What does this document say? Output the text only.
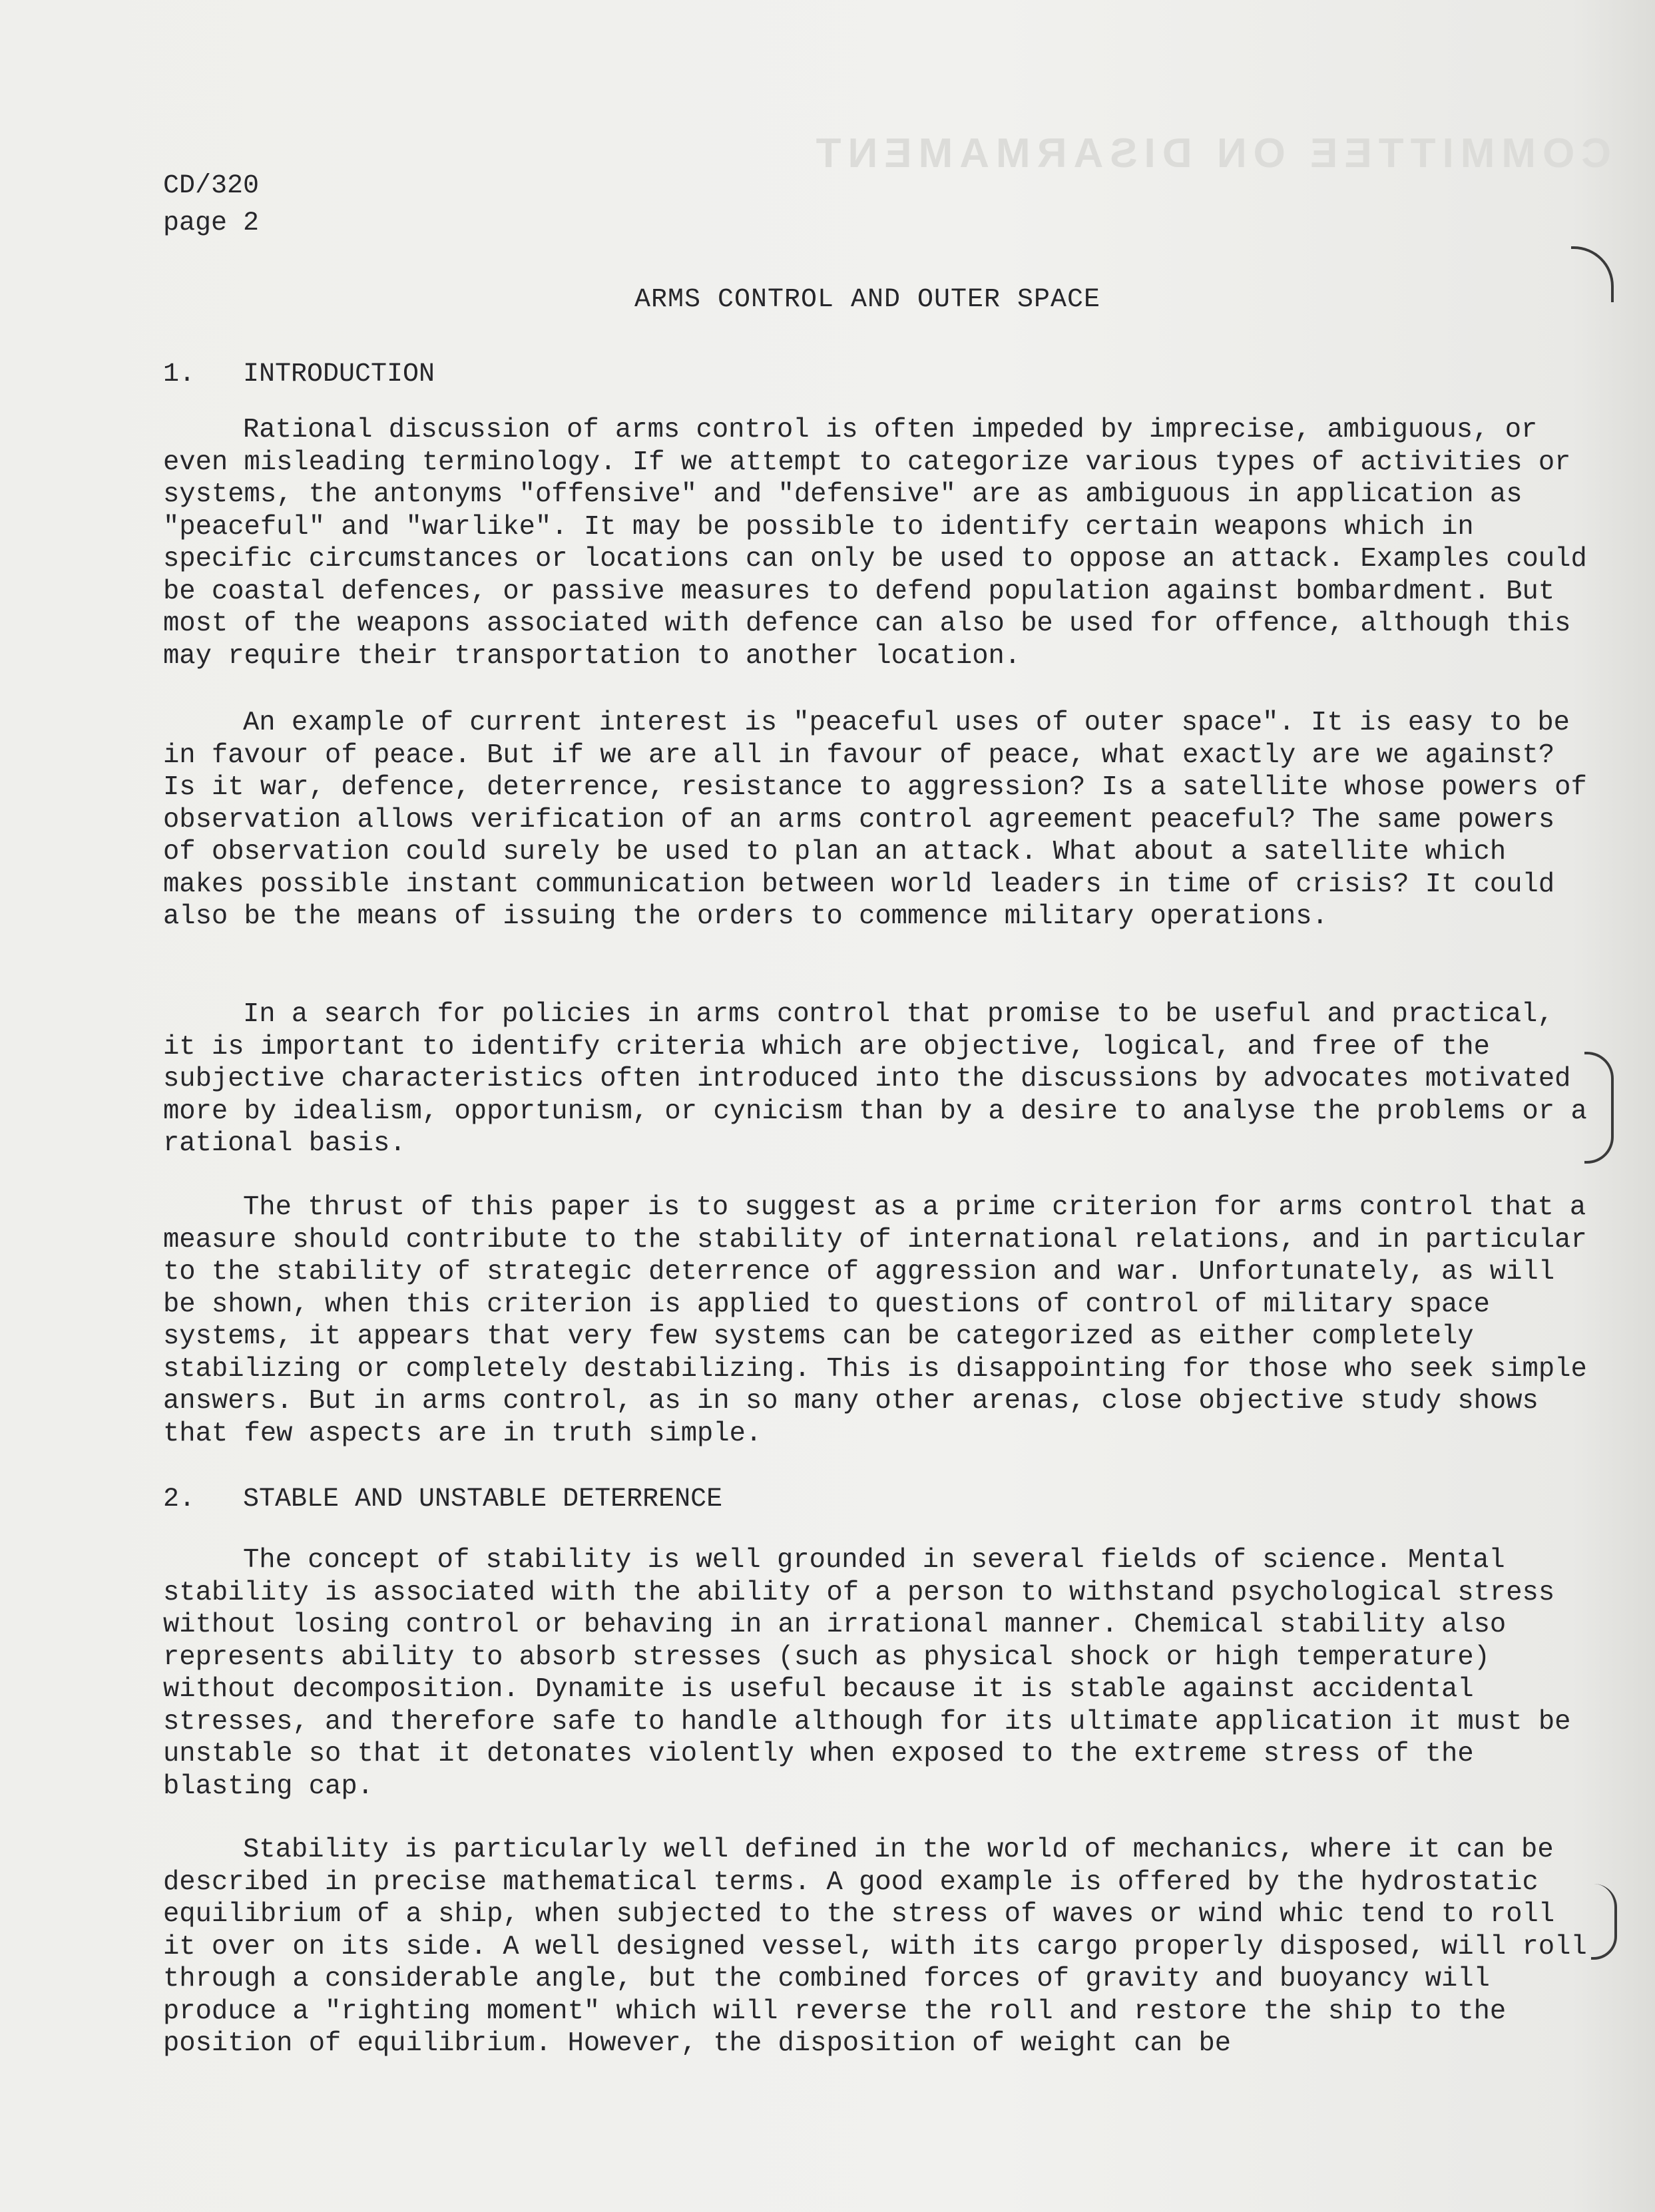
COMMITTEE ON DISARMAMENT
CD/320
page 2
ARMS CONTROL AND OUTER SPACE
1. INTRODUCTION

Rational discussion of arms control is often impeded by imprecise, ambiguous, or even misleading terminology. If we attempt to categorize various types of activities or systems, the antonyms "offensive" and "defensive" are as ambiguous in application as "peaceful" and "warlike". It may be possible to identify certain weapons which in specific circumstances or locations can only be used to oppose an attack. Examples could be coastal defences, or passive measures to defend population against bombardment. But most of the weapons associated with defence can also be used for offence, although this may require their transportation to another location.

An example of current interest is "peaceful uses of outer space". It is easy to be in favour of peace. But if we are all in favour of peace, what exactly are we against? Is it war, defence, deterrence, resistance to aggression? Is a satellite whose powers of observation allows verification of an arms control agreement peaceful? The same powers of observation could surely be used to plan an attack. What about a satellite which makes possible instant communication between world leaders in time of crisis? It could also be the means of issuing the orders to commence military operations.

In a search for policies in arms control that promise to be useful and practical, it is important to identify criteria which are objective, logical, and free of the subjective characteristics often introduced into the discussions by advocates motivated more by idealism, opportunism, or cynicism than by a desire to analyse the problems or a rational basis.

The thrust of this paper is to suggest as a prime criterion for arms control that a measure should contribute to the stability of international relations, and in particular to the stability of strategic deterrence of aggression and war. Unfortunately, as will be shown, when this criterion is applied to questions of control of military space systems, it appears that very few systems can be categorized as either completely stabilizing or completely destabilizing. This is disappointing for those who seek simple answers. But in arms control, as in so many other arenas, close objective study shows that few aspects are in truth simple.

2. STABLE AND UNSTABLE DETERRENCE

The concept of stability is well grounded in several fields of science. Mental stability is associated with the ability of a person to withstand psychological stress without losing control or behaving in an irrational manner. Chemical stability also represents ability to absorb stresses (such as physical shock or high temperature) without decomposition. Dynamite is useful because it is stable against accidental stresses, and therefore safe to handle although for its ultimate application it must be unstable so that it detonates violently when exposed to the extreme stress of the blasting cap.

Stability is particularly well defined in the world of mechanics, where it can be described in precise mathematical terms. A good example is offered by the hydrostatic equilibrium of a ship, when subjected to the stress of waves or wind whic tend to roll it over on its side. A well designed vessel, with its cargo properly disposed, will roll through a considerable angle, but the combined forces of gravity and buoyancy will produce a "righting moment" which will reverse the roll and restore the ship to the position of equilibrium. However, the disposition of weight can be
